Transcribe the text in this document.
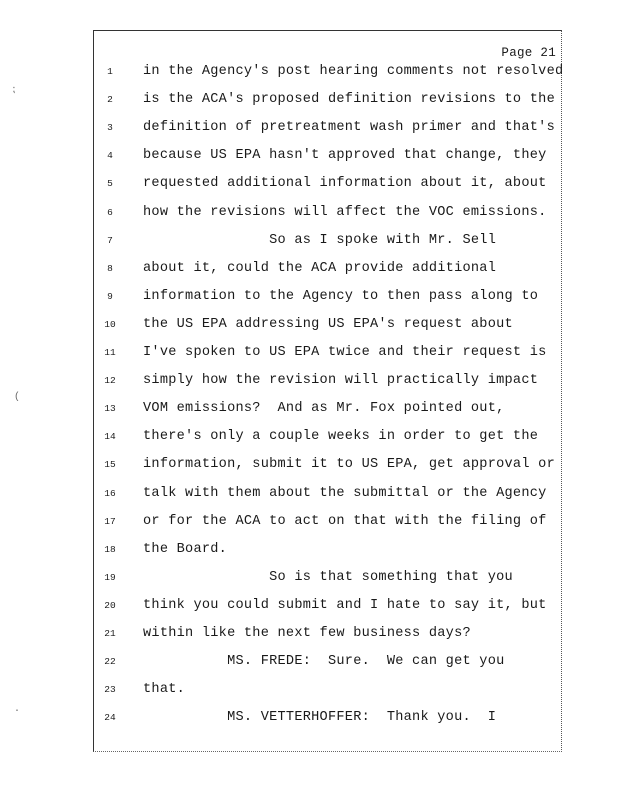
Page 21
⁏
(
·
1	in the Agency's post hearing comments not resolved
2	is the ACA's proposed definition revisions to the
3	definition of pretreatment wash primer and that's
4	because US EPA hasn't approved that change, they
5	requested additional information about it, about
6	how the revisions will affect the VOC emissions.
7	So as I spoke with Mr. Sell
8	about it, could the ACA provide additional
9	information to the Agency to then pass along to
10	the US EPA addressing US EPA's request about
11	I've spoken to US EPA twice and their request is
12	simply how the revision will practically impact
13	VOM emissions?  And as Mr. Fox pointed out,
14	there's only a couple weeks in order to get the
15	information, submit it to US EPA, get approval or
16	talk with them about the submittal or the Agency
17	or for the ACA to act on that with the filing of
18	the Board.
19	So is that something that you
20	think you could submit and I hate to say it, but
21	within like the next few business days?
22	MS. FREDE:  Sure.  We can get you
23	that.
24	MS. VETTERHOFFER:  Thank you.  I
